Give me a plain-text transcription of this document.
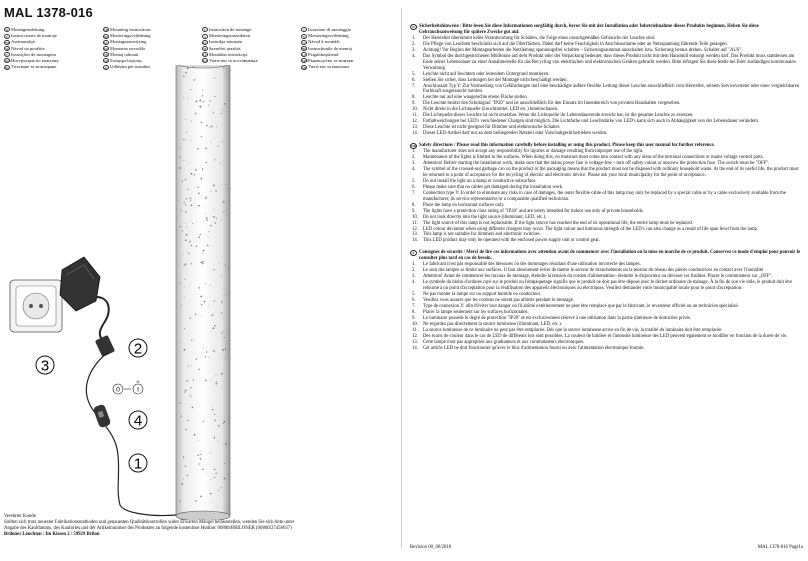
MAL 1378-016
D Montageanleitung
E Instrucciones de montaje
FINAsennusohje
SK Návod na použitie
P Instruções de montagem
RUSИнструкция по монтажу
BG Упътване за монтиране
GB Mounting instructions
DK Monteringsvejledning
NL Montageaanwijzing
RO Montarno navodilo
TR Montaj talimati
GR Συναρμολόγησης
AL Udhëzim për instalim
F Instruction de montage
S Monteringsinstruktion
PL Instrukja montażu
H Szerelési utasítás
LT Montāžas instrukcija
UA Упатство за поставување
I Istruzioni di montaggio
N Monteringsveiledning
CZ Návod k montáži
HR Instrucțiunile de montaj
LV Paigaldusjuhend
SRBРъководство за монтаж
MKУпатство за монтажа
1
2
3
4
0	I
Verehrter Kunde
Sollten sich trotz neuester Fabrikationsmethoden und genauesten Qualitätskontrollen wider Erwarten Mängel herausstellen, wenden Sie sich bitte unter
Angabe des Kaufdatums, des Kaufortes und der Artikelnummer des Produktes an folgende kostenlose Hotline: 00800/BRILONER (00800/27456637)
Briloner Leuchten / Im Kissen 2 / 59929 Brilon
D Sicherheitshinweise / Bitte lesen Sie diese Informationen sorgfältig durch, bevor Sie mit der Installation oder Inbetriebnahme dieses Produkts beginnen. Heben Sie diese Gebrauchsanweisung für spätere Zwecke gut auf.
1.	Der Hersteller übernimmt keine Verantwortung für Schäden, die Folge eines unsachgemäßen Gebrauchs der Leuchte sind.
2.	Die Pflege von Leuchten beschränkt sich auf die Oberflächen. Dabei darf keine Feuchtigkeit in Anschlussräume oder an Netzspannung führende Teile gelangen.
3.	Achtung! Vor Beginn der Montagearbeiten die Netzleitung spannungsfrei schalten – Sicherungsautomat ausschalten bzw. Sicherung heraus drehen. Schalter auf "AUS".
4.	Das Symbol der durchgestrichenen Mülltonne auf dem Produkt oder der Verpackung bedeutet, dass dieses Produkt nicht mit dem Hausmüll entsorgt werden darf. Das Produkt muss stattdessen am Ende seiner Lebensdauer zu einer Annahmestelle für das Recycling von elektrischen und elektronischen Geräten gebracht werden. Bitte erfragen Sie diese Stelle bei Ihrer zuständigen kommunalen Verwaltung.
5.	Leuchte nicht auf feuchtem oder leitendem Untergrund montieren.
6.	Stellen Sie sicher, dass Leitungen bei der Montage nicht beschädigt werden.
7.	Anschlussart Typ Y: Zur Vermeidung von Gefährdungen darf eine beschädigte äußere flexible Leitung dieser Leuchte ausschließlich vom Hersteller, seinem Serviceverteter oder einer vergleichbaren Fachkraft ausgetauscht werden.
8.	Leuchte nur auf eine waagerechte ebene Fläche stellen
9.	Die Leuchte besitzt den Schutzgrad "IP20" und ist ausschließlich für den Einsatz im Innenbereich von privaten Haushalten vorgesehen.
10.	Nicht direkt in die Lichtquelle (Leuchtmittel, LED etc.) hineinschauen.
11.	Die Lichtquelle dieser Leuchte ist nicht ersetzbar. Wenn die Lichtquelle ihr Lebensdauerende erreicht hat, ist die gesamte Leuchte zu ersetzen.
12.	Farbabweichungen bei LED's verschiedener Chargen sind möglich. Die Lichtfarbe und Leuchtstärke von LED's kann sich auch in Abhängigkeit von der Lebensdauer verändern.
13.	Diese Leuchte ist nicht geeignet für Dimmer und elektronische Schalter.
14.	Dieser LED-Artikel darf nur an dem beiliegenden Netzteil oder Vorschaltgerät betrieben werden.
GB Safety directions / Please read this information carefully before installing or using this product. Please keep this user manual for further reference.
1.	The manufacturer does not accept any responsibility for injuries or damage resulting from improper use of the light.
2.	Maintenance of the lights is limited to the surfaces. When doing this, no moisture must come into contact with any areas of the terminal connections or mains voltage control parts.
3.	Attention! Before starting the installation work, make sure that the mains power line is voltage-free – turn off safety cutout or unscrew the protection fuse. The switch must be "OFF".
4.	The symbol of the crossed-out garbage can on the product or the packaging means that the product must not be disposed with ordinary household waste. At the end of its useful life, the product must be returned to a point of acceptance for the recycling of electric and electronic device. Please ask your local municipality for the point of acceptance.
5.	Do not install the light on a damp or conductive subsurface.
6.	Please make sure that no cables get damaged during the installation work.
7.	Connection type Y: In order to eliminate any risks in case of damages, the outer flexible cable of this lamp may only be replaced by a special cable or by a cable exclusively available from the manufacturer, its service representative or a comparable qualified technician.
8.	Place the lamp on horizontal surfaces only.
9.	The lights have a protection class rating of "IP20" and are solely intended for indoor use only of private households.
10.	Do not look directly into the light source (illuminant, LED, etc.).
11.	The light source of this lamp is not replaceable. If the light source has reached the end of its operational life, the entire lamp must be replaced.
12.	LED colour deviation when using different chargers may occur. The light colour and luminous strength of the LED's can also change as a result of life span level from the lamp.
13.	This lamp is not suitable for dimmers and electronic switches.
14.	This LED product may only be operated with the enclosed power supply unit or control gear.
F Consignes de sécurité / Merci de lire ces informations avec attention avant de commencer avec l'installation ou la mise en marche de ce produit. Conservez ce mode d'emploi pour pouvoir le consulter plus tard en cas de besoin.
1.	Le fabricant n'est pas responsable des blessures ou des dommages résultant d'une utilisation incorrecte des lampes.
2.	Le soin des lampes se limite aux surfaces. Il faut absolument éviter de mettre le secteur de branchements ou la tension du réseau des pièces conductrices en contact avec l'humidité
3.	Attention! Avant de commencer les travaux de montage, éteindre la tension du cordon d'alimentation– éteindre le disjoncteur ou dévisser les fusibles. Placer le commutateur sur „OFF".
4.	Le symbole du bidon d'ordures rayé sur le produit ou l'empaquetage signifie que le produit ne doit pas être déposé avec le déchet ordinaire de ménage. À la fin de son vie utile, le produit doit être retourné à un point d'acceptation pour la réutilisation des appareils électroniques ou électriques. Veuillez demander votre municipalité locale pour le point d'acceptation.
5.	Ne pas monter la lampe sur un support humide ou conducteur.
6.	Veuillez vous assurer que les cordons ne soient pas abîmés pendant le montage.
7.	Type de connexion Y: afin d'éviter tout danger un fil abîmé extérieurement ne peut être remplacé que par le fabricant, le revendeur officiel ou un technicien spécialisé.
8.	Placer la lampe seulement sur les surfaces horizontales.
9.	Le luminaire possède le degré de protection "IP20" et est exclusivement réservé à une utilisation dans la partie intérieure de domiciles privés.
10.	Ne regardez pas directement la source lumineuse (illuminant, LED, etc.).
11.	La source lumineuse de ce luminaire ne peut pas être remplacée. Dès que la source lumineuse arrive en fin de vie, la totalité du luminaire doit être remplacée.
12.	Des écarts de couleur dans le cas de LED de différents lots sont possibles. La couleur de lumière et l'intensité lumineuse des LED peuvent également se modifier en fonction de la durée de vie.
13.	Cette lampe n'est pas appropriée aux graduateurs et aux commutateurs électroniques.
14.	Cet article LED ne doit fonctionner qu'avec le bloc d'alimentation fourni ou avec l'alimentation électronique fournie.
Revision 00_06/2018	MAL 1378-016 Page1a
